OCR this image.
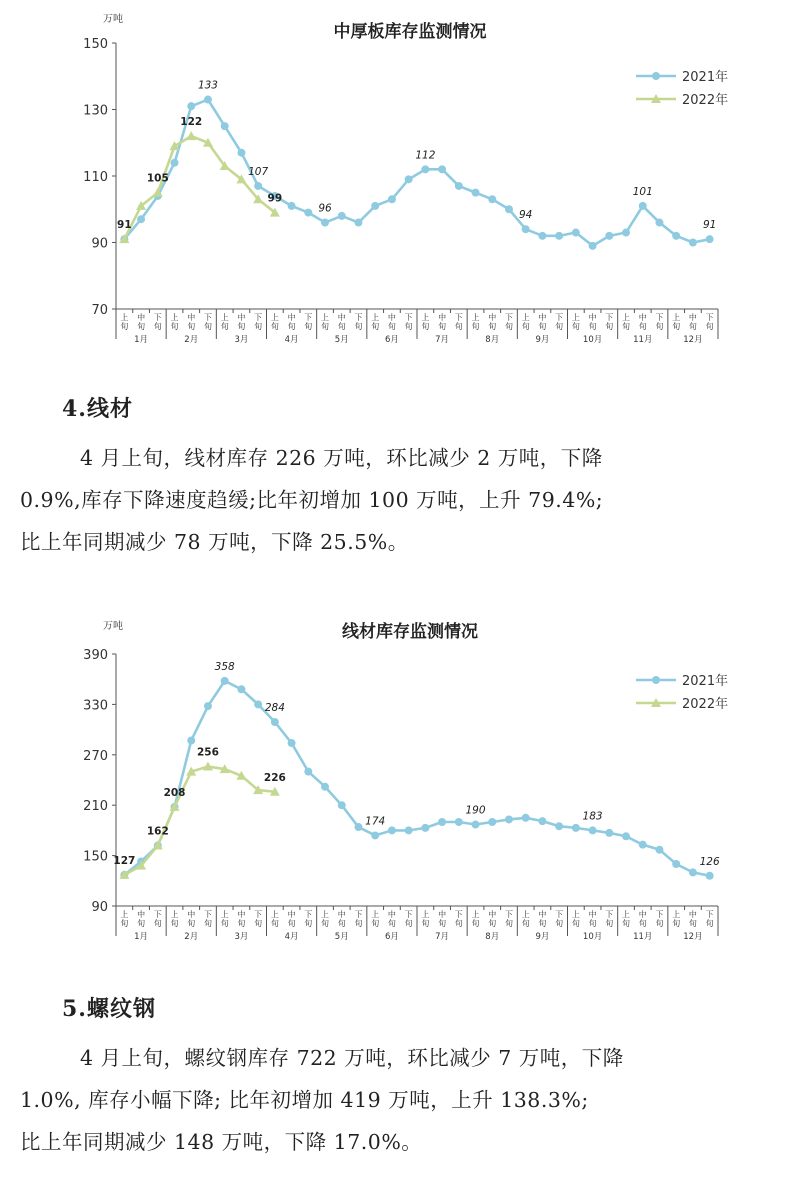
中厚板库存监测情况
万吨
70
90
110
130
150
上
旬
中
旬
下
旬
上
旬
中
旬
下
旬
上
旬
中
旬
下
旬
上
旬
中
旬
下
旬
上
旬
中
旬
下
旬
上
旬
中
旬
下
旬
上
旬
中
旬
下
旬
上
旬
中
旬
下
旬
上
旬
中
旬
下
旬
上
旬
中
旬
下
旬
上
旬
中
旬
下
旬
上
旬
中
旬
下
旬
1月	2月	3月	4月	5月	6月	7月	8月	9月	10月	11月	12月
133
107
96
112
94
101
91
91
105
122
99
2021年
2022年
4.线材
4 月上旬，线材库存 226 万吨，环比减少 2 万吨，下降
0.9%,库存下降速度趋缓;比年初增加 100 万吨，上升 79.4%;
比上年同期减少 78 万吨，下降 25.5%。
线材库存监测情况
万吨
90
150
210
270
330
390
上
旬
中
旬
下
旬
上
旬
中
旬
下
旬
上
旬
中
旬
下
旬
上
旬
中
旬
下
旬
上
旬
中
旬
下
旬
上
旬
中
旬
下
旬
上
旬
中
旬
下
旬
上
旬
中
旬
下
旬
上
旬
中
旬
下
旬
上
旬
中
旬
下
旬
上
旬
中
旬
下
旬
上
旬
中
旬
下
旬
1月	2月	3月	4月	5月	6月	7月	8月	9月	10月	11月	12月
358
284
174
190	183
126
127
162
208
256
226
2021年
2022年
5.螺纹钢
4 月上旬，螺纹钢库存 722 万吨，环比减少 7 万吨，下降
1.0%, 库存小幅下降; 比年初增加 419 万吨，上升 138.3%;
比上年同期减少 148 万吨，下降 17.0%。
